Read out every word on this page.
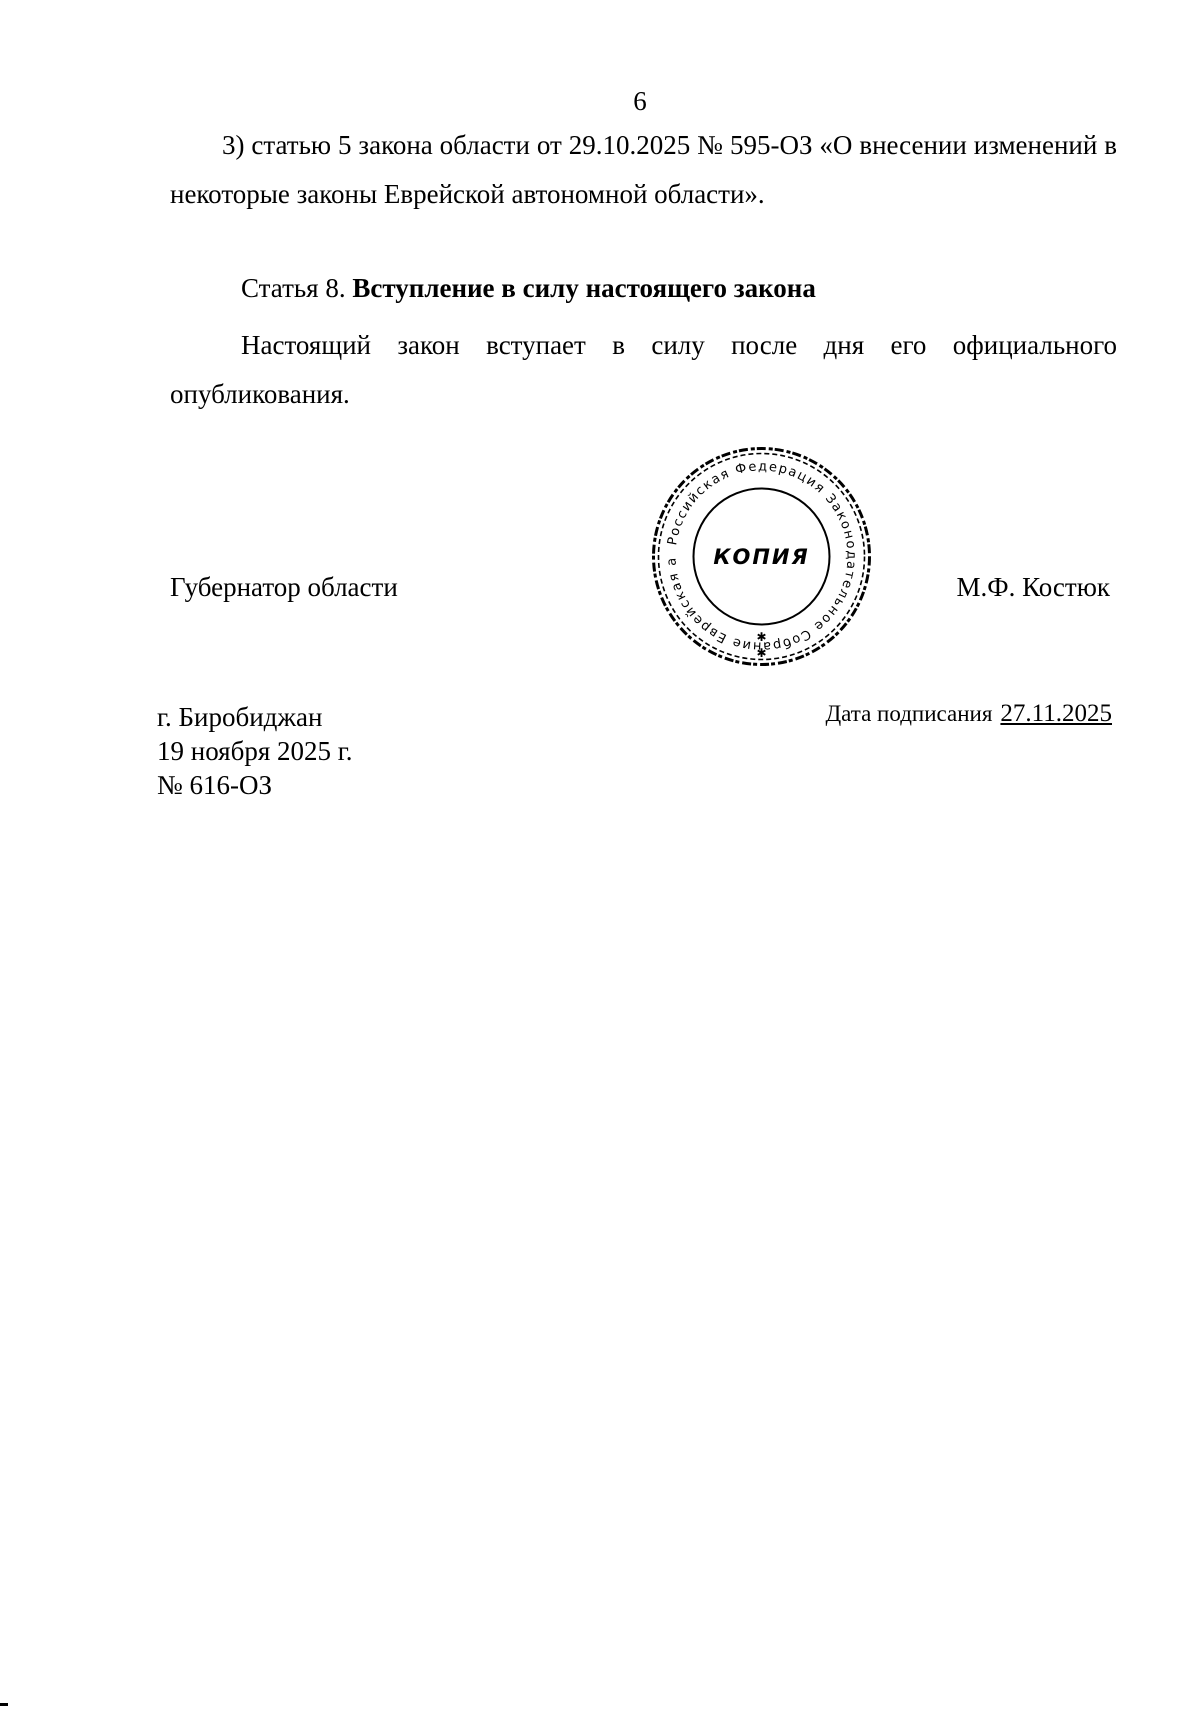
6
3) статью 5 закона области от 29.10.2025 № 595-ОЗ «О внесении изменений в некоторые законы Еврейской автономной области».
Статья 8. Вступление в силу настоящего закона
Настоящий закон вступает в силу после дня его официального опубликования.
Губернатор области
Российская Федерация Законодательное Собрание Еврейская а	КОПИЯ
✱
✱
М.Ф. Костюк
г. Биробиджан
19 ноября 2025 г.
№ 616-ОЗ
Дата подписания 27.11.2025
